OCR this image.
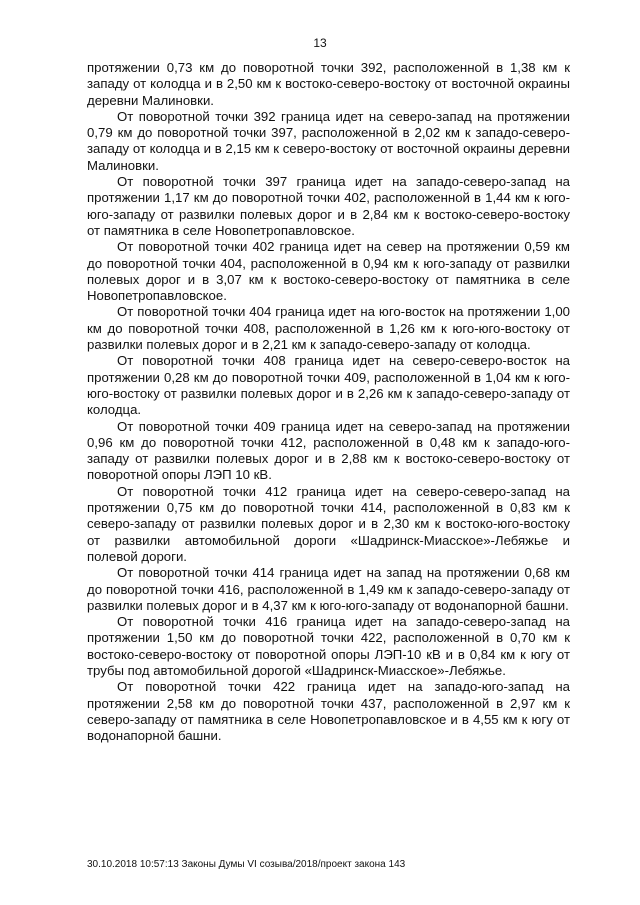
13

протяжении 0,73 км до поворотной точки 392, расположенной в 1,38 км к западу от колодца и в 2,50 км к востоко-северо-востоку от восточной окраины деревни Малиновки.

От поворотной точки 392 граница идет на северо-запад на протяжении 0,79 км до поворотной точки 397, расположенной в 2,02 км к западо-северо-западу от колодца и в 2,15 км к северо-востоку от восточной окраины деревни Малиновки.

От поворотной точки 397 граница идет на западо-северо-запад на протяжении 1,17 км до поворотной точки 402, расположенной в 1,44 км к юго-юго-западу от развилки полевых дорог и в 2,84 км к востоко-северо-востоку от памятника в селе Новопетропавловское.

От поворотной точки 402 граница идет на север на протяжении 0,59 км до поворотной точки 404, расположенной в 0,94 км к юго-западу от развилки полевых дорог и в 3,07 км к востоко-северо-востоку от памятника в селе Новопетропавловское.

От поворотной точки 404 граница идет на юго-восток на протяжении 1,00 км до поворотной точки 408, расположенной в 1,26 км к юго-юго-востоку от развилки полевых дорог и в 2,21 км к западо-северо-западу от колодца.

От поворотной точки 408 граница идет на северо-северо-восток на протяжении 0,28 км до поворотной точки 409, расположенной в 1,04 км к юго-юго-востоку от развилки полевых дорог и в 2,26 км к западо-северо-западу от колодца.

От поворотной точки 409 граница идет на северо-запад на протяжении 0,96 км до поворотной точки 412, расположенной в 0,48 км к западо-юго-западу от развилки полевых дорог и в 2,88 км к востоко-северо-востоку от поворотной опоры ЛЭП 10 кВ.

От поворотной точки 412 граница идет на северо-северо-запад на протяжении 0,75 км до поворотной точки 414, расположенной в 0,83 км к северо-западу от развилки полевых дорог и в 2,30 км к востоко-юго-востоку от развилки автомобильной дороги «Шадринск-Миасское»-Лебяжье и полевой дороги.

От поворотной точки 414 граница идет на запад на протяжении 0,68 км до поворотной точки 416, расположенной в 1,49 км к западо-северо-западу от развилки полевых дорог и в 4,37 км к юго-юго-западу от водонапорной башни.

От поворотной точки 416 граница идет на западо-северо-запад на протяжении 1,50 км до поворотной точки 422, расположенной в 0,70 км к востоко-северо-востоку от поворотной опоры ЛЭП-10 кВ и в 0,84 км к югу от трубы под автомобильной дорогой «Шадринск-Миасское»-Лебяжье.

От поворотной точки 422 граница идет на западо-юго-запад на протяжении 2,58 км до поворотной точки 437, расположенной в 2,97 км к северо-западу от памятника в селе Новопетропавловское и в 4,55 км к югу от водонапорной башни.

30.10.2018 10:57:13 Законы Думы VI созыва/2018/проект закона 143
